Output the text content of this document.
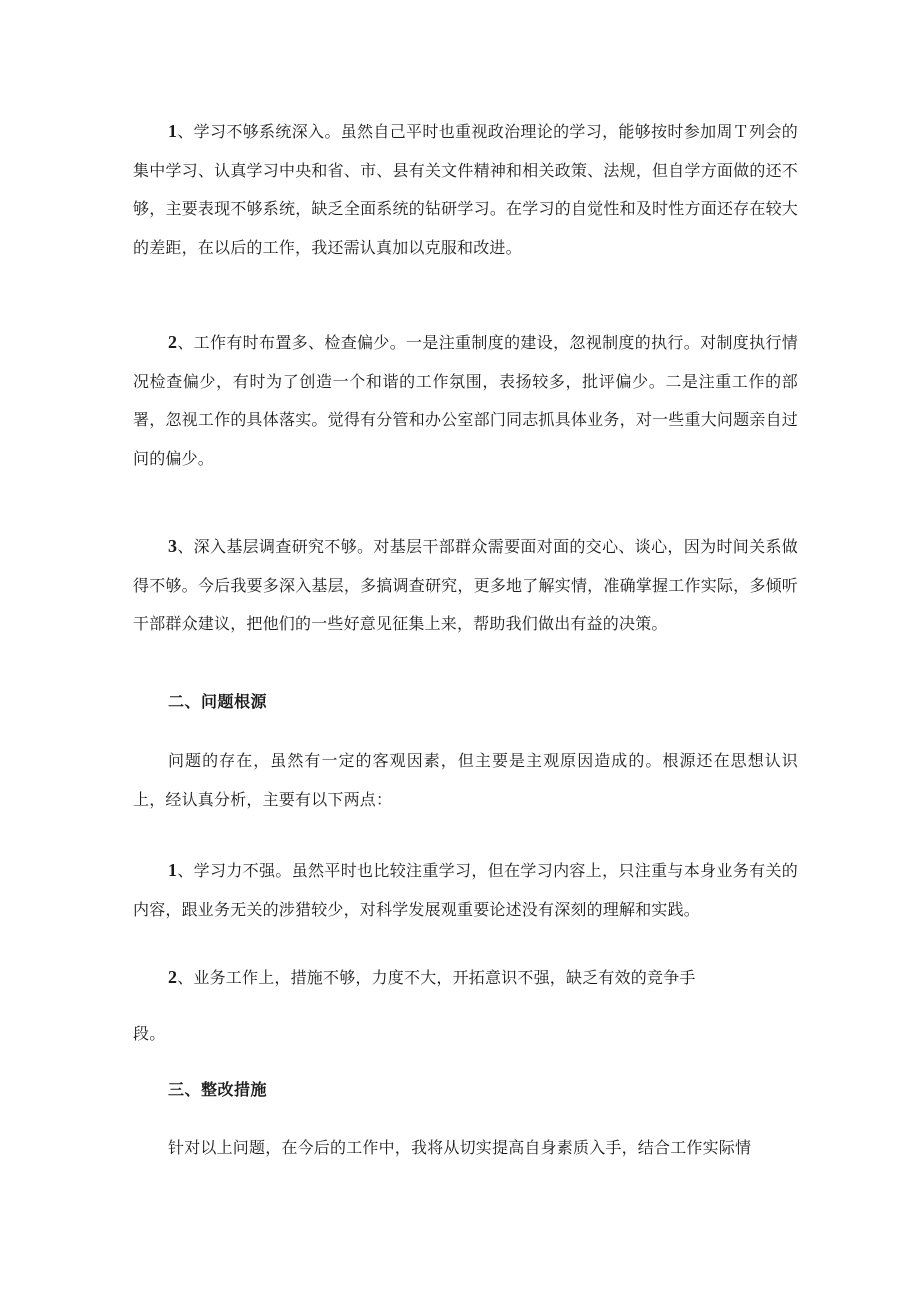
1、学习不够系统深入。虽然自己平时也重视政治理论的学习，能够按时参加周Ｔ列会的集中学习、认真学习中央和省、市、县有关文件精神和相关政策、法规，但自学方面做的还不够，主要表现不够系统，缺乏全面系统的钻研学习。在学习的自觉性和及时性方面还存在较大的差距，在以后的工作，我还需认真加以克服和改进。

2、工作有时布置多、检查偏少。一是注重制度的建设，忽视制度的执行。对制度执行情况检查偏少，有时为了创造一个和谐的工作氛围，表扬较多，批评偏少。二是注重工作的部署，忽视工作的具体落实。觉得有分管和办公室部门同志抓具体业务，对一些重大问题亲自过问的偏少。

3、深入基层调查研究不够。对基层干部群众需要面对面的交心、谈心，因为时间关系做得不够。今后我要多深入基层，多搞调查研究，更多地了解实情，准确掌握工作实际，多倾听干部群众建议，把他们的一些好意见征集上来，帮助我们做出有益的决策。

二、问题根源

问题的存在，虽然有一定的客观因素，但主要是主观原因造成的。根源还在思想认识上，经认真分析，主要有以下两点：

1、学习力不强。虽然平时也比较注重学习，但在学习内容上，只注重与本身业务有关的内容，跟业务无关的涉猎较少，对科学发展观重要论述没有深刻的理解和实践。

2、业务工作上，措施不够，力度不大，开拓意识不强，缺乏有效的竞争手

段。

三、整改措施

针对以上问题，在今后的工作中，我将从切实提高自身素质入手，结合工作实际情
